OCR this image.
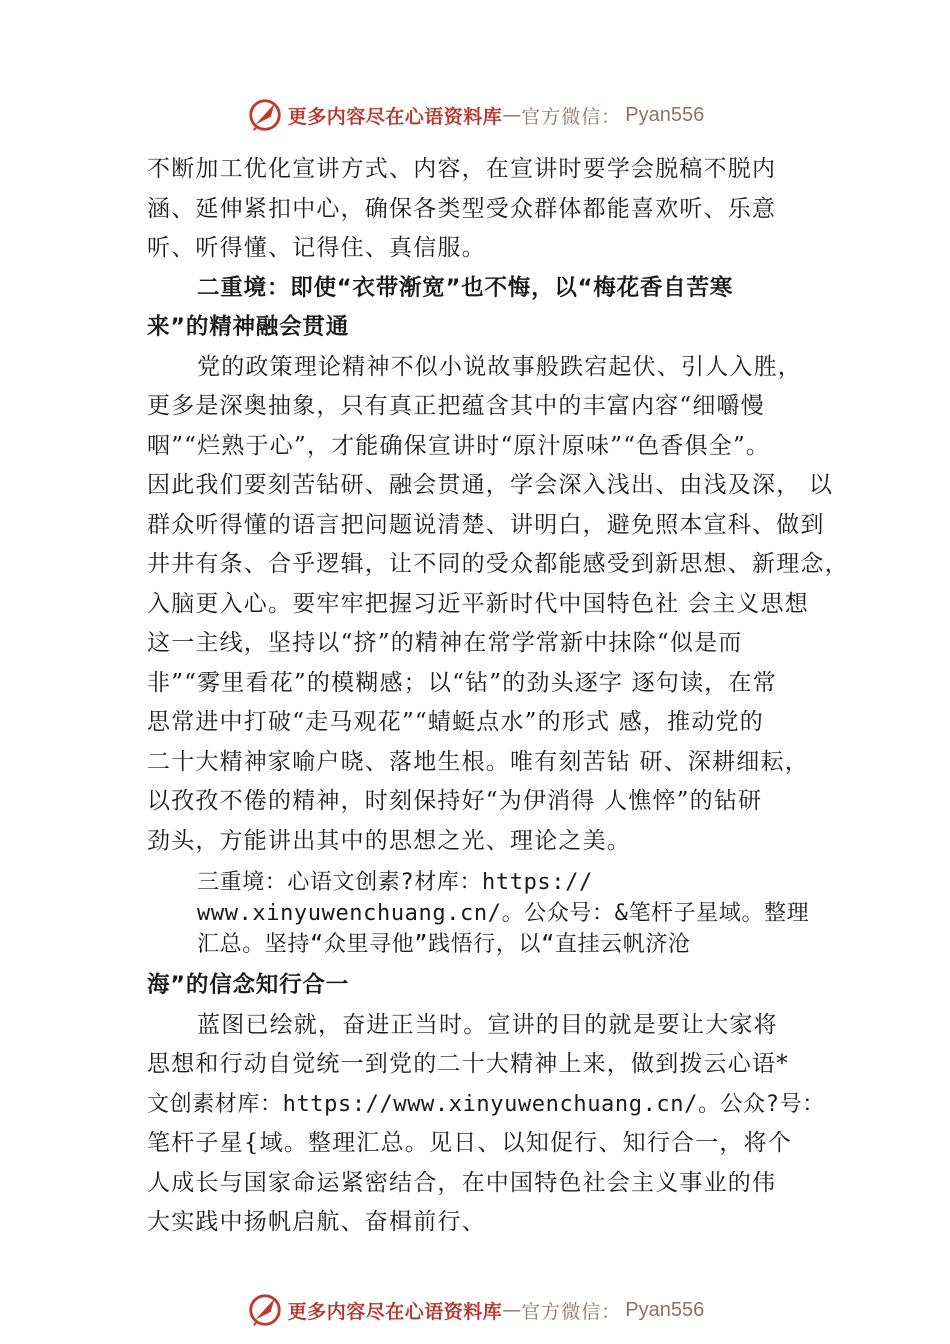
更多内容尽在心语资料库 — 官方微信： Pyan556
不断加工优化宣讲方式、内容，在宣讲时要学会脱稿不脱内
涵、延伸紧扣中心，确保各类型受众群体都能喜欢听、乐意
听、听得懂、记得住、真信服。
二重境：即使“衣带渐宽”也不悔，以“梅花香自苦寒
来”的精神融会贯通
党的政策理论精神不似小说故事般跌宕起伏、引人入胜，
更多是深奥抽象，只有真正把蕴含其中的丰富内容“细嚼慢
咽”“烂熟于心”，才能确保宣讲时“原汁原味”“色香俱全”。
因此我们要刻苦钻研、融会贯通，学会深入浅出、由浅及深， 以
群众听得懂的语言把问题说清楚、讲明白，避免照本宣科、做到
井井有条、合乎逻辑，让不同的受众都能感受到新思想、新理念，
入脑更入心。要牢牢把握习近平新时代中国特色社 会主义思想
这一主线，坚持以“挤”的精神在常学常新中抹除“似是而
非”“雾里看花”的模糊感；以“钻”的劲头逐字 逐句读，在常
思常进中打破“走马观花”“蜻蜓点水”的形式 感，推动党的
二十大精神家喻户晓、落地生根。唯有刻苦钻 研、深耕细耘，
以孜孜不倦的精神，时刻保持好“为伊消得 人憔悴”的钻研
劲头，方能讲出其中的思想之光、理论之美。
三重境：心语文创素?材库：https://
www.xinyuwenchuang.cn/。公众号：&笔杆子星域。整理
汇总。坚持“众里寻他”践悟行，以“直挂云帆济沧
海”的信念知行合一
蓝图已绘就，奋进正当时。宣讲的目的就是要让大家将
思想和行动自觉统一到党的二十大精神上来，做到拨云心语*
文创素材库：https://www.xinyuwenchuang.cn/。公众?号：
笔杆子星{域。整理汇总。见日、以知促行、知行合一，将个
人成长与国家命运紧密结合，在中国特色社会主义事业的伟
大实践中扬帆启航、奋楫前行、
更多内容尽在心语资料库 — 官方微信： Pyan556
